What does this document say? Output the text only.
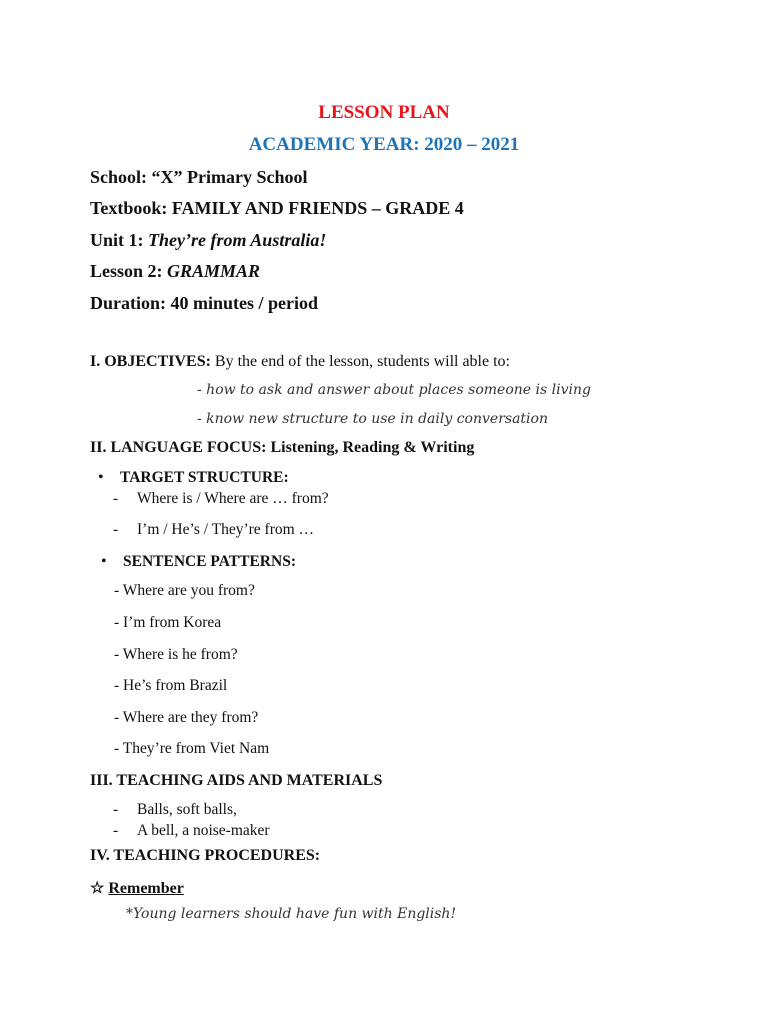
LESSON PLAN
ACADEMIC YEAR: 2020 – 2021
School: “X” Primary School
Textbook: FAMILY AND FRIENDS – GRADE 4
Unit 1: They’re from Australia!
Lesson 2: GRAMMAR
Duration: 40 minutes / period
I. OBJECTIVES: By the end of the lesson, students will able to:
- how to ask and answer about places someone is living
- know new structure to use in daily conversation
II. LANGUAGE FOCUS: Listening, Reading & Writing
• TARGET STRUCTURE:
- Where is / Where are … from?
- I’m / He’s / They’re from …
• SENTENCE PATTERNS:
- Where are you from?
- I’m from Korea
- Where is he from?
- He’s from Brazil
- Where are they from?
- They’re from Viet Nam
III. TEACHING AIDS AND MATERIALS
- Balls, soft balls,
- A bell, a noise-maker
IV. TEACHING PROCEDURES:
☆ Remember
*Young learners should have fun with English!
